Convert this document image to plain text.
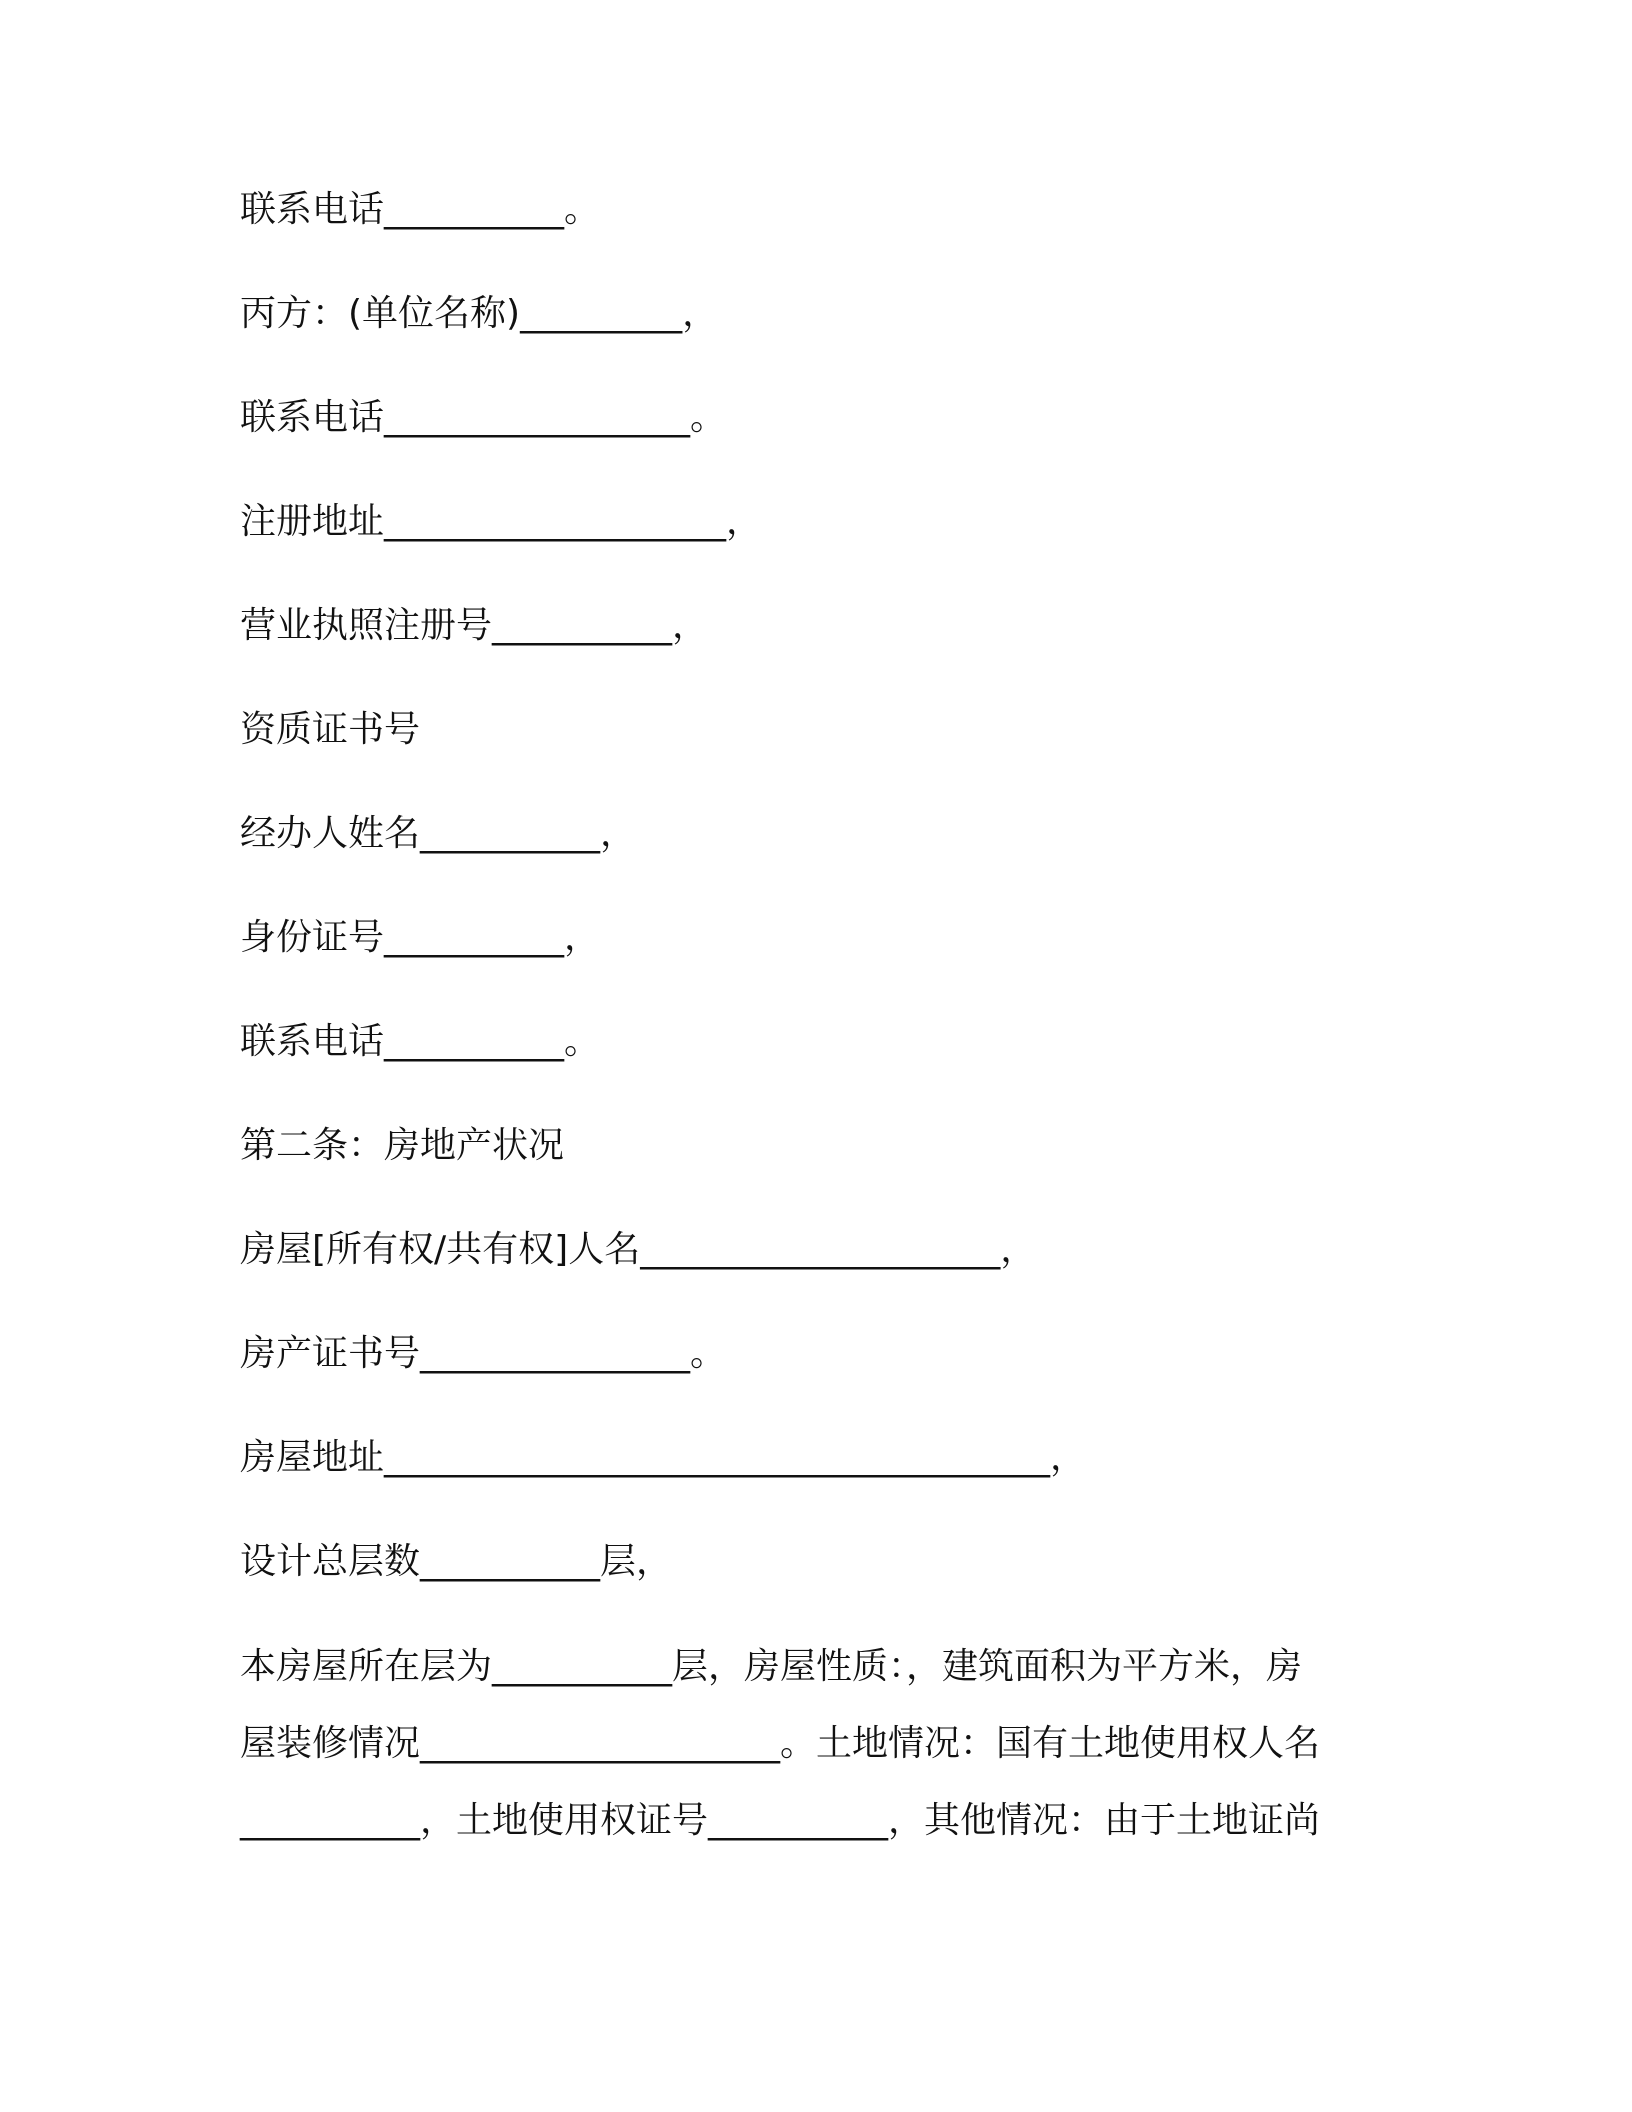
联系电话__________。
丙方：(单位名称)_________，
联系电话_________________。
注册地址___________________，
营业执照注册号__________，
资质证书号
经办人姓名__________，
身份证号__________，
联系电话__________。
第二条：房地产状况
房屋[所有权/共有权]人名____________________，
房产证书号_______________。
房屋地址_____________________________________，
设计总层数__________层，
本房屋所在层为__________层，房屋性质：，建筑面积为平方米，房
屋装修情况____________________。土地情况：国有土地使用权人名
__________，土地使用权证号__________，其他情况：由于土地证尚
